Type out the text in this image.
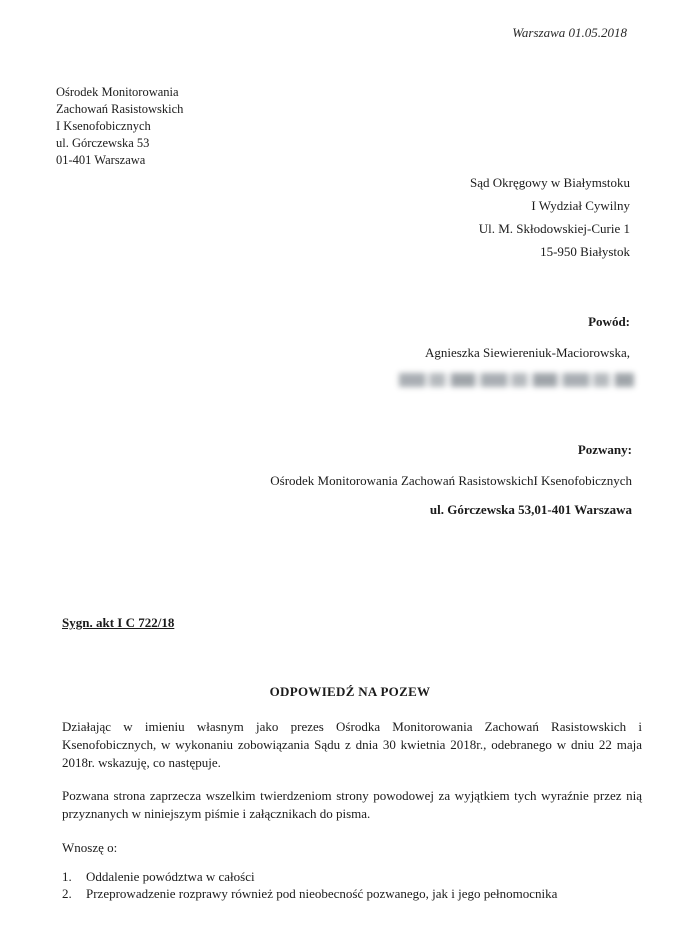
Warszawa 01.05.2018
Ośrodek Monitorowania
Zachowań Rasistowskich
I Ksenofobicznych
ul. Górczewska 53
01-401 Warszawa
Sąd Okręgowy w Białymstoku
I Wydział Cywilny
Ul. M. Skłodowskiej-Curie 1
15-950 Białystok
Powód:
Agnieszka Siewiereniuk-Maciorowska,
Pozwany:
Ośrodek Monitorowania Zachowań RasistowskichI Ksenofobicznych
ul. Górczewska 53,01-401 Warszawa
Sygn. akt I C 722/18
ODPOWIEDŹ NA POZEW
Działając w imieniu własnym jako prezes Ośrodka Monitorowania Zachowań Rasistowskich i Ksenofobicznych, w wykonaniu zobowiązania Sądu z dnia 30 kwietnia 2018r., odebranego w dniu 22 maja 2018r. wskazuję, co następuje.
Pozwana strona zaprzecza wszelkim twierdzeniom strony powodowej za wyjątkiem tych wyraźnie przez nią przyznanych w niniejszym piśmie i załącznikach do pisma.
Wnoszę o:
1. Oddalenie powództwa w całości
2. Przeprowadzenie rozprawy również pod nieobecność pozwanego, jak i jego pełnomocnika
